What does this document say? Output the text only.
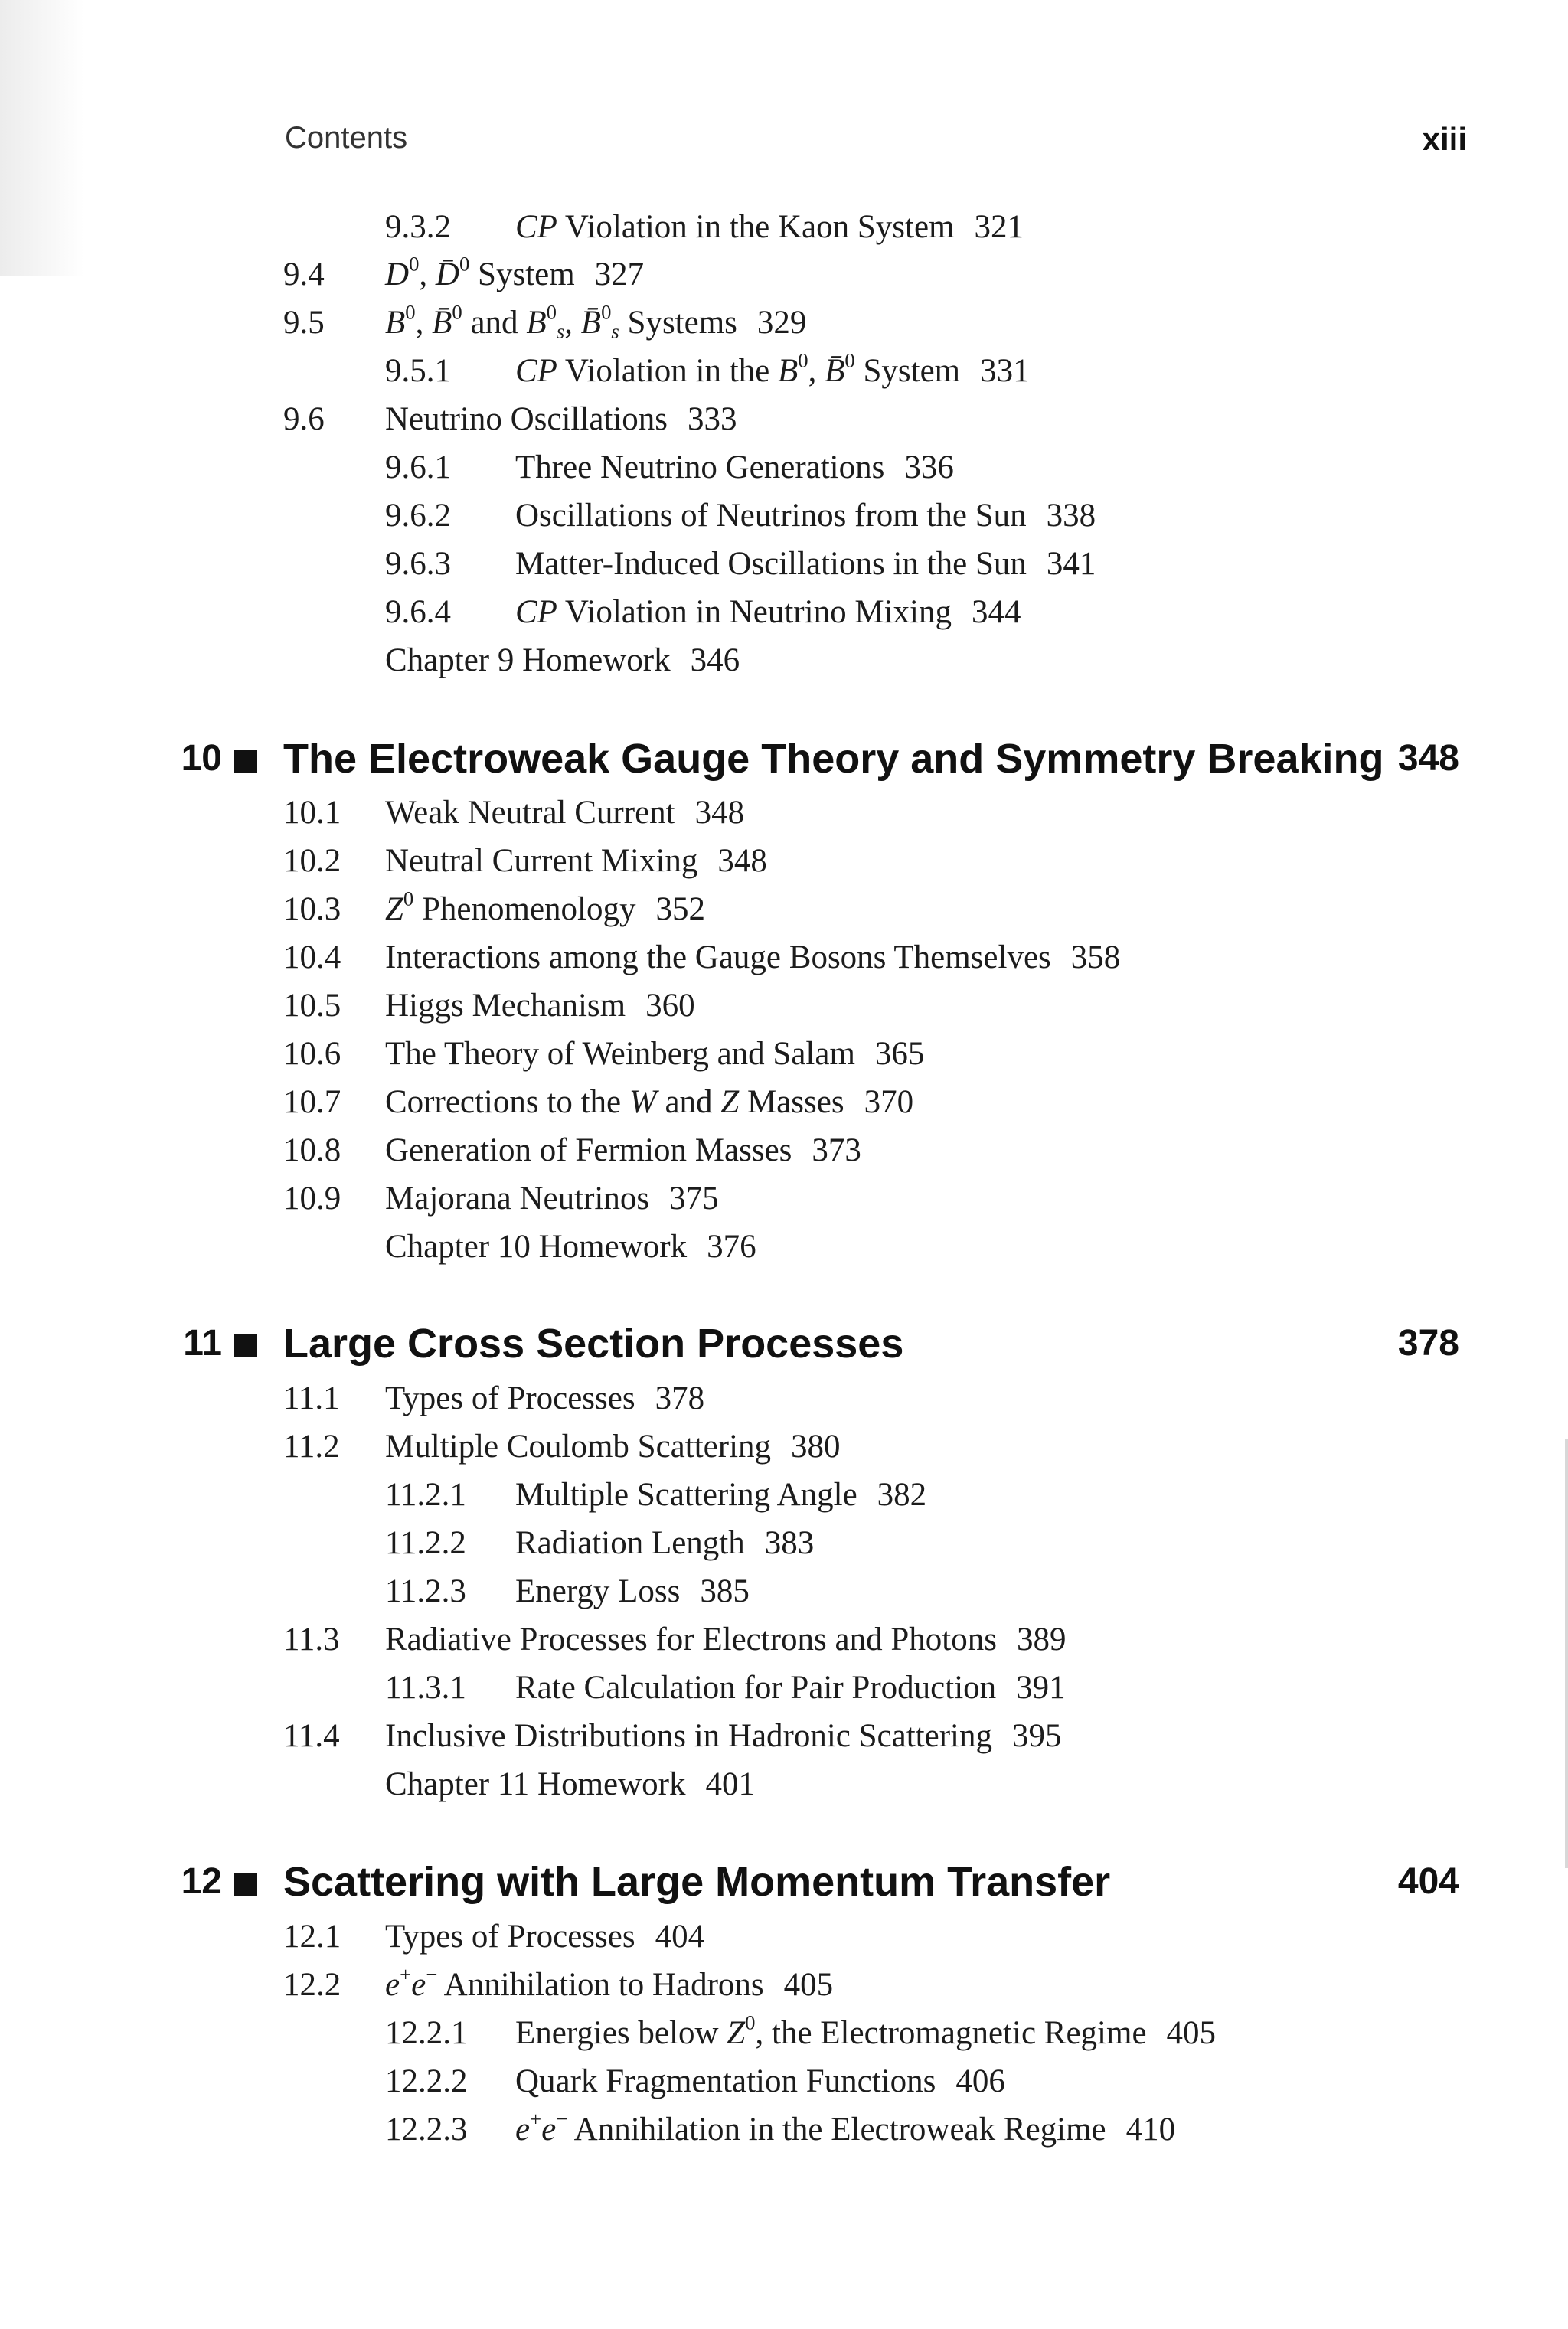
Contents	xiii
9.3.2 CP Violation in the Kaon System 321
9.4 $D^0$, D̄$^0$ System 327
9.5 $B^0$, B̄$^0$ and $B^0_s$, B̄$^0_s$ Systems 329
9.5.1 CP Violation in the $B^0$, B̄$^0$ System 331
9.6 Neutrino Oscillations 333
9.6.1 Three Neutrino Generations 336
9.6.2 Oscillations of Neutrinos from the Sun 338
9.6.3 Matter-Induced Oscillations in the Sun 341
9.6.4 CP Violation in Neutrino Mixing 344
Chapter 9 Homework 346
10 The Electroweak Gauge Theory and Symmetry Breaking 348
10.1 Weak Neutral Current 348
10.2 Neutral Current Mixing 348
10.3 $Z^0$ Phenomenology 352
10.4 Interactions among the Gauge Bosons Themselves 358
10.5 Higgs Mechanism 360
10.6 The Theory of Weinberg and Salam 365
10.7 Corrections to the W and Z Masses 370
10.8 Generation of Fermion Masses 373
10.9 Majorana Neutrinos 375
Chapter 10 Homework 376
11 Large Cross Section Processes	378
11.1 Types of Processes 378
11.2 Multiple Coulomb Scattering 380
11.2.1 Multiple Scattering Angle 382
11.2.2 Radiation Length 383
11.2.3 Energy Loss 385
11.3 Radiative Processes for Electrons and Photons 389
11.3.1 Rate Calculation for Pair Production 391
11.4 Inclusive Distributions in Hadronic Scattering 395
Chapter 11 Homework 401
12 Scattering with Large Momentum Transfer	404
12.1 Types of Processes 404
12.2 e+e− Annihilation to Hadrons 405
12.2.1 Energies below $Z^0$, the Electromagnetic Regime 405
12.2.2 Quark Fragmentation Functions 406
12.2.3 e+e− Annihilation in the Electroweak Regime 410
